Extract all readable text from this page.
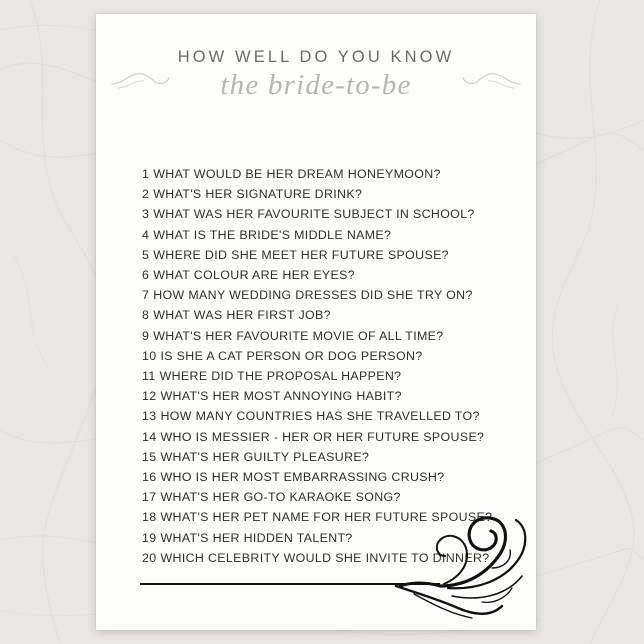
HOW WELL DO YOU KNOW
the bride-to-be
1 WHAT WOULD BE HER DREAM HONEYMOON?
2 WHAT'S HER SIGNATURE DRINK?
3 WHAT WAS HER FAVOURITE SUBJECT IN SCHOOL?
4 WHAT IS THE BRIDE'S MIDDLE NAME?
5 WHERE DID SHE MEET HER FUTURE SPOUSE?
6 WHAT COLOUR ARE HER EYES?
7 HOW MANY WEDDING DRESSES DID SHE TRY ON?
8 WHAT WAS HER FIRST JOB?
9 WHAT'S HER FAVOURITE MOVIE OF ALL TIME?
10 IS SHE A CAT PERSON OR DOG PERSON?
11 WHERE DID THE PROPOSAL HAPPEN?
12 WHAT'S HER MOST ANNOYING HABIT?
13 HOW MANY COUNTRIES HAS SHE TRAVELLED TO?
14 WHO IS MESSIER - HER OR HER FUTURE SPOUSE?
15 WHAT'S HER GUILTY PLEASURE?
16 WHO IS HER MOST EMBARRASSING CRUSH?
17 WHAT'S HER GO-TO KARAOKE SONG?
18 WHAT'S HER PET NAME FOR HER FUTURE SPOUSE?
19 WHAT'S HER HIDDEN TALENT?
20 WHICH CELEBRITY WOULD SHE INVITE TO DINNER?
